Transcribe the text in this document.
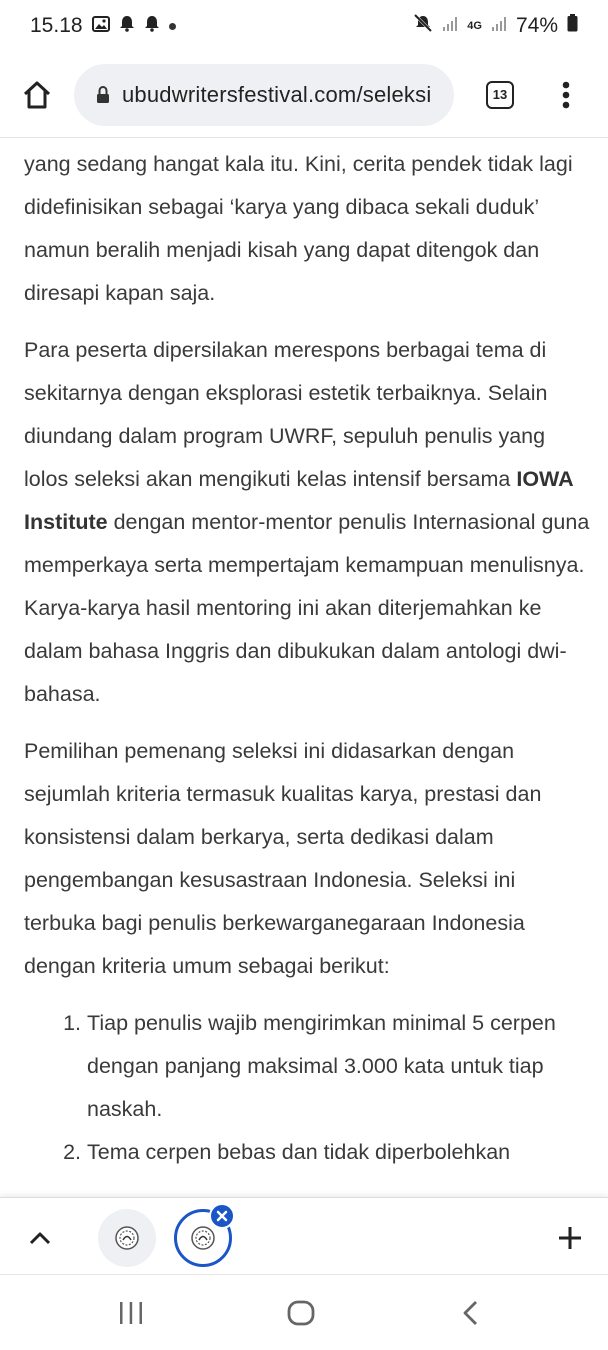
15.18	4G 74%
ubudwritersfestival.com/seleksi	13

yang sedang hangat kala itu. Kini, cerita pendek tidak lagi didefinisikan sebagai ‘karya yang dibaca sekali duduk’ namun beralih menjadi kisah yang dapat ditengok dan diresapi kapan saja.

Para peserta dipersilakan merespons berbagai tema di sekitarnya dengan eksplorasi estetik terbaiknya. Selain diundang dalam program UWRF, sepuluh penulis yang lolos seleksi akan mengikuti kelas intensif bersama IOWA Institute dengan mentor-mentor penulis Internasional guna memperkaya serta mempertajam kemampuan menulisnya. Karya-karya hasil mentoring ini akan diterjemahkan ke dalam bahasa Inggris dan dibukukan dalam antologi dwi-bahasa.

Pemilihan pemenang seleksi ini didasarkan dengan sejumlah kriteria termasuk kualitas karya, prestasi dan konsistensi dalam berkarya, serta dedikasi dalam pengembangan kesusastraan Indonesia. Seleksi ini terbuka bagi penulis berkewarganegaraan Indonesia dengan kriteria umum sebagai berikut:

1. Tiap penulis wajib mengirimkan minimal 5 cerpen dengan panjang maksimal 3.000 kata untuk tiap naskah.
2. Tema cerpen bebas dan tidak diperbolehkan
